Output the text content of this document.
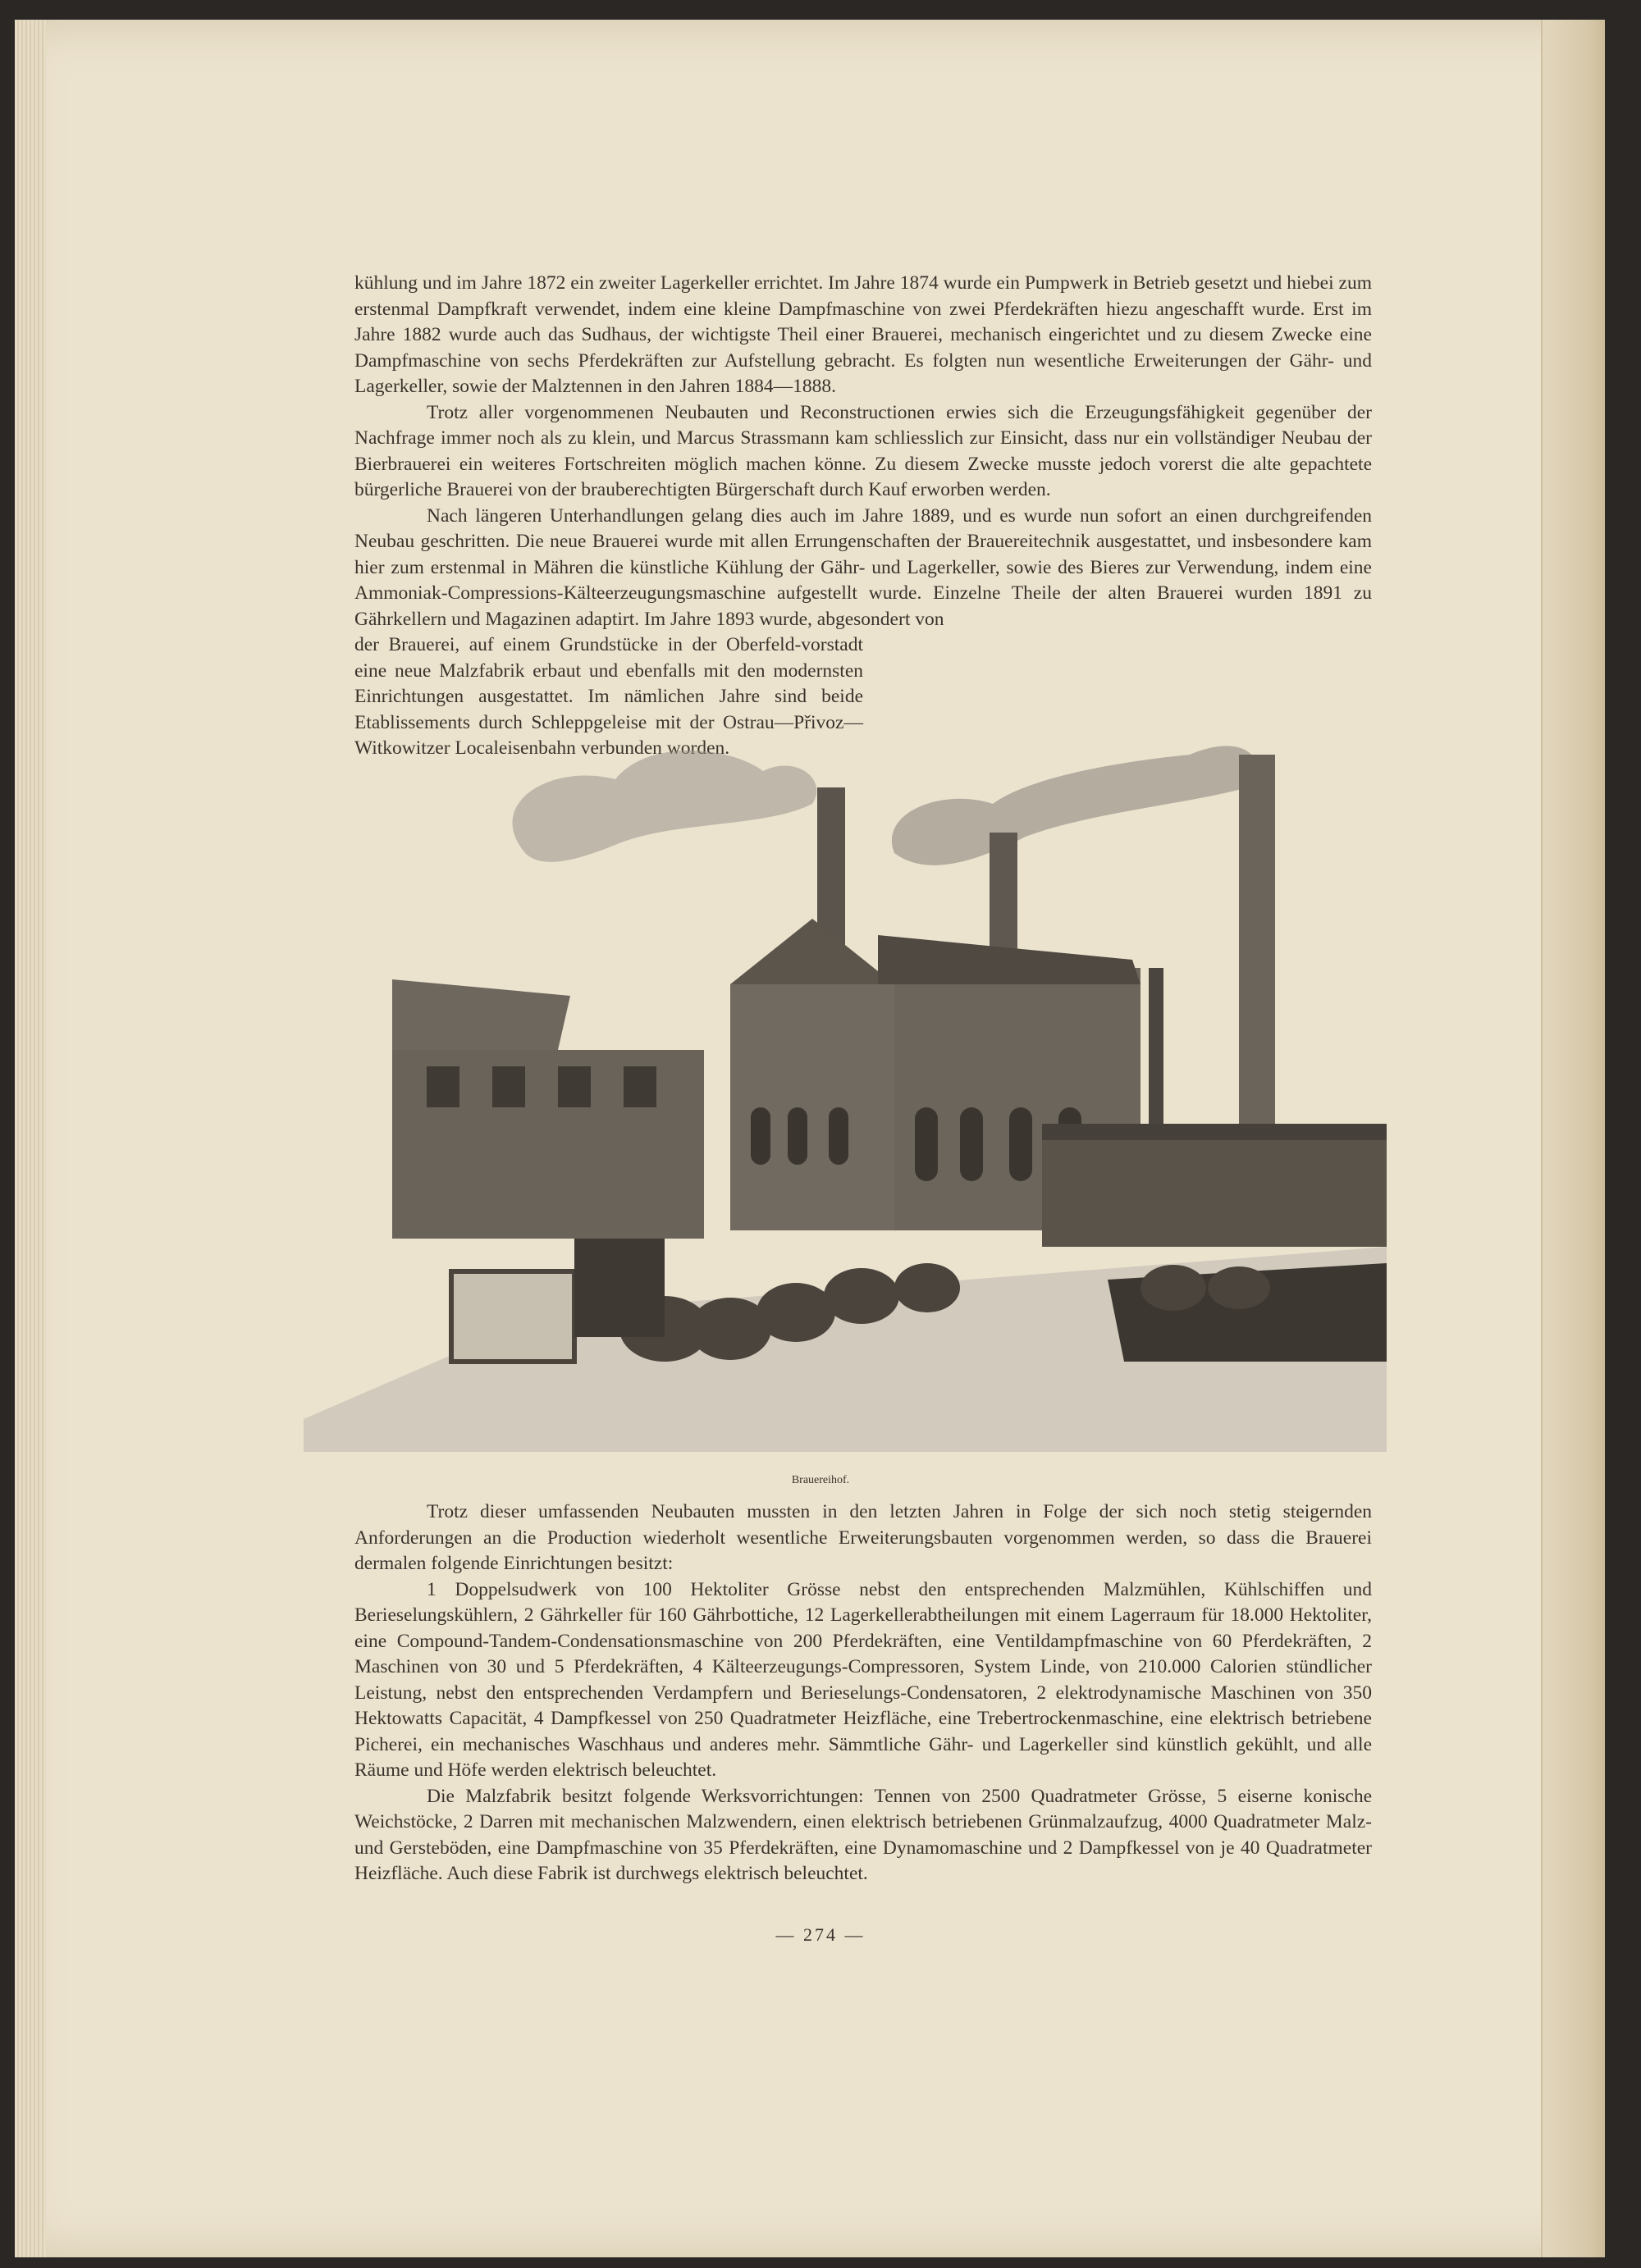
kühlung und im Jahre 1872 ein zweiter Lagerkeller errichtet. Im Jahre 1874 wurde ein Pumpwerk in Betrieb gesetzt und hiebei zum erstenmal Dampfkraft verwendet, indem eine kleine Dampfmaschine von zwei Pferdekräften hiezu angeschafft wurde. Erst im Jahre 1882 wurde auch das Sudhaus, der wichtigste Theil einer Brauerei, mechanisch eingerichtet und zu diesem Zwecke eine Dampfmaschine von sechs Pferdekräften zur Aufstellung gebracht. Es folgten nun wesentliche Erweiterungen der Gähr- und Lagerkeller, sowie der Malztennen in den Jahren 1884—1888.

Trotz aller vorgenommenen Neubauten und Reconstructionen erwies sich die Erzeugungsfähigkeit gegenüber der Nachfrage immer noch als zu klein, und Marcus Strassmann kam schliesslich zur Einsicht, dass nur ein vollständiger Neubau der Bierbrauerei ein weiteres Fortschreiten möglich machen könne. Zu diesem Zwecke musste jedoch vorerst die alte gepachtete bürgerliche Brauerei von der brauberechtigten Bürgerschaft durch Kauf erworben werden.

Nach längeren Unterhandlungen gelang dies auch im Jahre 1889, und es wurde nun sofort an einen durchgreifenden Neubau geschritten. Die neue Brauerei wurde mit allen Errungenschaften der Brauereitechnik ausgestattet, und insbesondere kam hier zum erstenmal in Mähren die künstliche Kühlung der Gähr- und Lagerkeller, sowie des Bieres zur Verwendung, indem eine Ammoniak-Compressions-Kälteerzeugungsmaschine aufgestellt wurde. Einzelne Theile der alten Brauerei wurden 1891 zu Gährkellern und Magazinen adaptirt. Im Jahre 1893 wurde, abgesondert von

der Brauerei, auf einem Grundstücke in der Oberfeld-vorstadt eine neue Malzfabrik erbaut und ebenfalls mit den modernsten Einrichtungen ausgestattet. Im nämlichen Jahre sind beide Etablissements durch Schleppgeleise mit der Ostrau—Přivoz—Witkowitzer Localeisenbahn verbunden worden.

Brauereihof.

Trotz dieser umfassenden Neubauten mussten in den letzten Jahren in Folge der sich noch stetig steigernden Anforderungen an die Production wiederholt wesentliche Erweiterungsbauten vorgenommen werden, so dass die Brauerei dermalen folgende Einrichtungen besitzt:

1 Doppelsudwerk von 100 Hektoliter Grösse nebst den entsprechenden Malzmühlen, Kühlschiffen und Berieselungskühlern, 2 Gährkeller für 160 Gährbottiche, 12 Lagerkellerabtheilungen mit einem Lagerraum für 18.000 Hektoliter, eine Compound-Tandem-Condensationsmaschine von 200 Pferdekräften, eine Ventildampfmaschine von 60 Pferdekräften, 2 Maschinen von 30 und 5 Pferdekräften, 4 Kälteerzeugungs-Compressoren, System Linde, von 210.000 Calorien stündlicher Leistung, nebst den entsprechenden Verdampfern und Berieselungs-Condensatoren, 2 elektrodynamische Maschinen von 350 Hektowatts Capacität, 4 Dampfkessel von 250 Quadratmeter Heizfläche, eine Trebertrockenmaschine, eine elektrisch betriebene Picherei, ein mechanisches Waschhaus und anderes mehr. Sämmtliche Gähr- und Lagerkeller sind künstlich gekühlt, und alle Räume und Höfe werden elektrisch beleuchtet.

Die Malzfabrik besitzt folgende Werksvorrichtungen: Tennen von 2500 Quadratmeter Grösse, 5 eiserne konische Weichstöcke, 2 Darren mit mechanischen Malzwendern, einen elektrisch betriebenen Grünmalzaufzug, 4000 Quadratmeter Malz- und Gersteböden, eine Dampfmaschine von 35 Pferdekräften, eine Dynamomaschine und 2 Dampfkessel von je 40 Quadratmeter Heizfläche. Auch diese Fabrik ist durchwegs elektrisch beleuchtet.

— 274 —
